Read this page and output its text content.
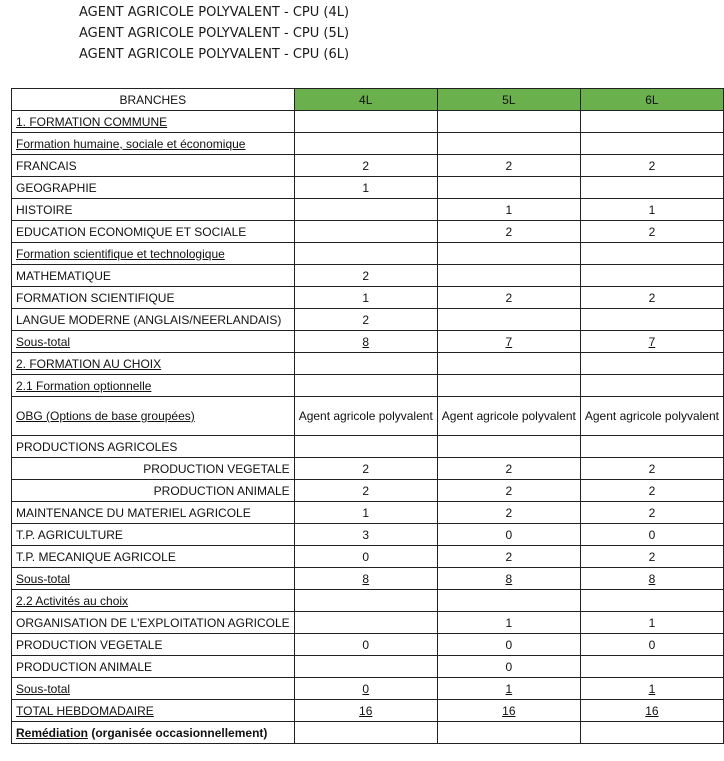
AGENT AGRICOLE POLYVALENT - CPU (4L)
AGENT AGRICOLE POLYVALENT - CPU (5L)
AGENT AGRICOLE POLYVALENT - CPU (6L)
BRANCHES	4L	5L	6L
1. FORMATION COMMUNE			
Formation humaine, sociale et économique			
FRANCAIS	2	2	2
GEOGRAPHIE	1		
HISTOIRE		1	1
EDUCATION ECONOMIQUE ET SOCIALE		2	2
Formation scientifique et technologique			
MATHEMATIQUE	2		
FORMATION SCIENTIFIQUE	1	2	2
LANGUE MODERNE (ANGLAIS/NEERLANDAIS)	2		
Sous-total	8	7	7
2. FORMATION AU CHOIX			
2.1 Formation optionnelle			
OBG (Options de base groupées)	Agent agricole polyvalent	Agent agricole polyvalent	Agent agricole polyvalent
PRODUCTIONS AGRICOLES			
PRODUCTION VEGETALE	2	2	2
PRODUCTION ANIMALE	2	2	2
MAINTENANCE DU MATERIEL AGRICOLE	1	2	2
T.P. AGRICULTURE	3	0	0
T.P. MECANIQUE AGRICOLE	0	2	2
Sous-total	8	8	8
2.2 Activités au choix			
ORGANISATION DE L'EXPLOITATION AGRICOLE		1	1
PRODUCTION VEGETALE	0	0	0
PRODUCTION ANIMALE		0	
Sous-total	0	1	1
TOTAL HEBDOMADAIRE	16	16	16
Remédiation (organisée occasionnellement)			
